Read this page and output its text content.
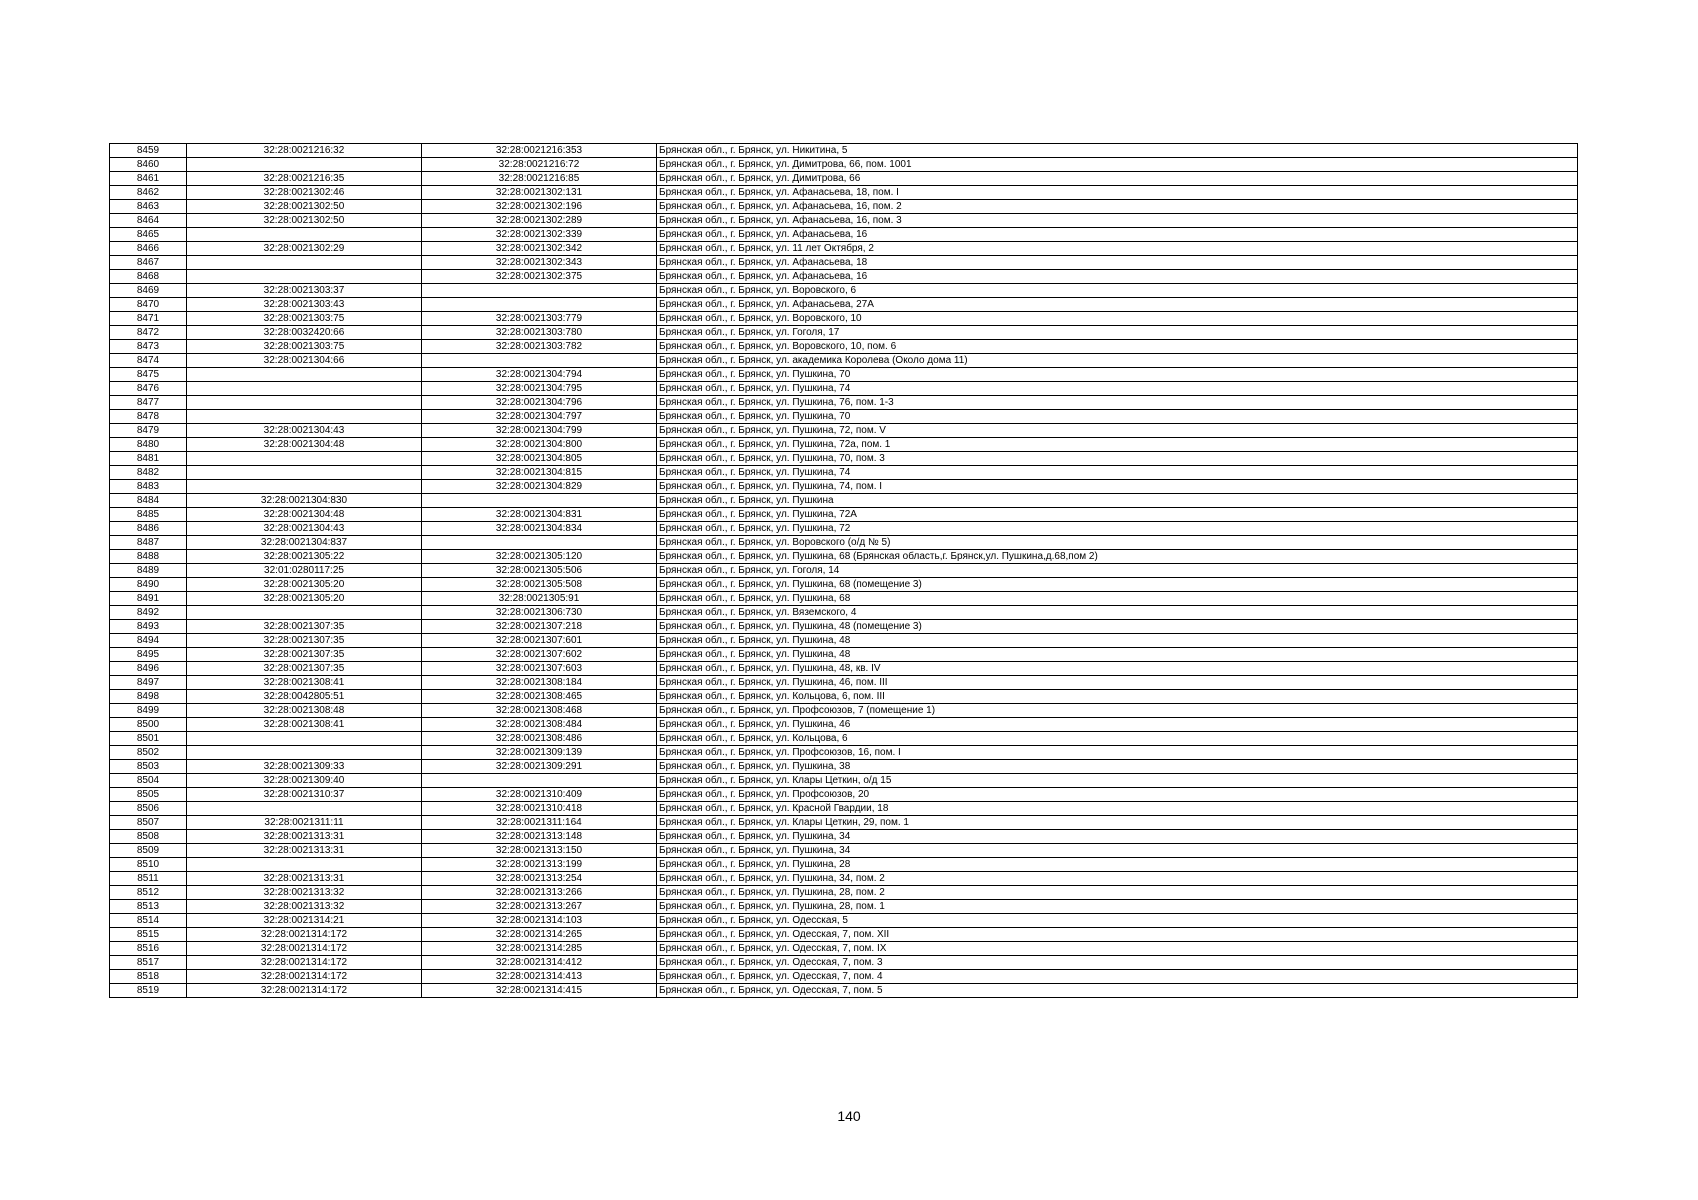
8459	32:28:0021216:32	32:28:0021216:353	Брянская обл., г. Брянск, ул. Никитина, 5
8460		32:28:0021216:72	Брянская обл., г. Брянск, ул. Димитрова, 66, пом. 1001
8461	32:28:0021216:35	32:28:0021216:85	Брянская обл., г. Брянск, ул. Димитрова, 66
8462	32:28:0021302:46	32:28:0021302:131	Брянская обл., г. Брянск, ул. Афанасьева, 18, пом. I
8463	32:28:0021302:50	32:28:0021302:196	Брянская обл., г. Брянск, ул. Афанасьева, 16, пом. 2
8464	32:28:0021302:50	32:28:0021302:289	Брянская обл., г. Брянск, ул. Афанасьева, 16, пом. 3
8465		32:28:0021302:339	Брянская обл., г. Брянск, ул. Афанасьева, 16
8466	32:28:0021302:29	32:28:0021302:342	Брянская обл., г. Брянск, ул. 11 лет Октября, 2
8467		32:28:0021302:343	Брянская обл., г. Брянск, ул. Афанасьева, 18
8468		32:28:0021302:375	Брянская обл., г. Брянск, ул. Афанасьева, 16
8469	32:28:0021303:37		Брянская обл., г. Брянск, ул. Воровского, 6
8470	32:28:0021303:43		Брянская обл., г. Брянск, ул. Афанасьева, 27А
8471	32:28:0021303:75	32:28:0021303:779	Брянская обл., г. Брянск, ул. Воровского, 10
8472	32:28:0032420:66	32:28:0021303:780	Брянская обл., г. Брянск, ул. Гоголя, 17
8473	32:28:0021303:75	32:28:0021303:782	Брянская обл., г. Брянск, ул. Воровского, 10, пом. 6
8474	32:28:0021304:66		Брянская обл., г. Брянск, ул. академика Королева (Около дома 11)
8475		32:28:0021304:794	Брянская обл., г. Брянск, ул. Пушкина, 70
8476		32:28:0021304:795	Брянская обл., г. Брянск, ул. Пушкина, 74
8477		32:28:0021304:796	Брянская обл., г. Брянск, ул. Пушкина, 76, пом. 1-3
8478		32:28:0021304:797	Брянская обл., г. Брянск, ул. Пушкина, 70
8479	32:28:0021304:43	32:28:0021304:799	Брянская обл., г. Брянск, ул. Пушкина, 72, пом. V
8480	32:28:0021304:48	32:28:0021304:800	Брянская обл., г. Брянск, ул. Пушкина, 72а, пом. 1
8481		32:28:0021304:805	Брянская обл., г. Брянск, ул. Пушкина, 70, пом. 3
8482		32:28:0021304:815	Брянская обл., г. Брянск, ул. Пушкина, 74
8483		32:28:0021304:829	Брянская обл., г. Брянск, ул. Пушкина, 74, пом. I
8484	32:28:0021304:830		Брянская обл., г. Брянск, ул. Пушкина
8485	32:28:0021304:48	32:28:0021304:831	Брянская обл., г. Брянск, ул. Пушкина, 72А
8486	32:28:0021304:43	32:28:0021304:834	Брянская обл., г. Брянск, ул. Пушкина, 72
8487	32:28:0021304:837		Брянская обл., г. Брянск, ул. Воровского (о/д № 5)
8488	32:28:0021305:22	32:28:0021305:120	Брянская обл., г. Брянск, ул. Пушкина, 68 (Брянская область,г. Брянск,ул. Пушкина,д.68,пом 2)
8489	32:01:0280117:25	32:28:0021305:506	Брянская обл., г. Брянск, ул. Гоголя, 14
8490	32:28:0021305:20	32:28:0021305:508	Брянская обл., г. Брянск, ул. Пушкина, 68 (помещение 3)
8491	32:28:0021305:20	32:28:0021305:91	Брянская обл., г. Брянск, ул. Пушкина, 68
8492		32:28:0021306:730	Брянская обл., г. Брянск, ул. Вяземского, 4
8493	32:28:0021307:35	32:28:0021307:218	Брянская обл., г. Брянск, ул. Пушкина, 48 (помещение 3)
8494	32:28:0021307:35	32:28:0021307:601	Брянская обл., г. Брянск, ул. Пушкина, 48
8495	32:28:0021307:35	32:28:0021307:602	Брянская обл., г. Брянск, ул. Пушкина, 48
8496	32:28:0021307:35	32:28:0021307:603	Брянская обл., г. Брянск, ул. Пушкина, 48, кв. IV
8497	32:28:0021308:41	32:28:0021308:184	Брянская обл., г. Брянск, ул. Пушкина, 46, пом. III
8498	32:28:0042805:51	32:28:0021308:465	Брянская обл., г. Брянск, ул. Кольцова, 6, пом. III
8499	32:28:0021308:48	32:28:0021308:468	Брянская обл., г. Брянск, ул. Профсоюзов, 7 (помещение 1)
8500	32:28:0021308:41	32:28:0021308:484	Брянская обл., г. Брянск, ул. Пушкина, 46
8501		32:28:0021308:486	Брянская обл., г. Брянск, ул. Кольцова, 6
8502		32:28:0021309:139	Брянская обл., г. Брянск, ул. Профсоюзов, 16, пом. I
8503	32:28:0021309:33	32:28:0021309:291	Брянская обл., г. Брянск, ул. Пушкина, 38
8504	32:28:0021309:40		Брянская обл., г. Брянск, ул. Клары Цеткин, о/д 15
8505	32:28:0021310:37	32:28:0021310:409	Брянская обл., г. Брянск, ул. Профсоюзов, 20
8506		32:28:0021310:418	Брянская обл., г. Брянск, ул. Красной Гвардии, 18
8507	32:28:0021311:11	32:28:0021311:164	Брянская обл., г. Брянск, ул. Клары Цеткин, 29, пом. 1
8508	32:28:0021313:31	32:28:0021313:148	Брянская обл., г. Брянск, ул. Пушкина, 34
8509	32:28:0021313:31	32:28:0021313:150	Брянская обл., г. Брянск, ул. Пушкина, 34
8510		32:28:0021313:199	Брянская обл., г. Брянск, ул. Пушкина, 28
8511	32:28:0021313:31	32:28:0021313:254	Брянская обл., г. Брянск, ул. Пушкина, 34, пом. 2
8512	32:28:0021313:32	32:28:0021313:266	Брянская обл., г. Брянск, ул. Пушкина, 28, пом. 2
8513	32:28:0021313:32	32:28:0021313:267	Брянская обл., г. Брянск, ул. Пушкина, 28, пом. 1
8514	32:28:0021314:21	32:28:0021314:103	Брянская обл., г. Брянск, ул. Одесская, 5
8515	32:28:0021314:172	32:28:0021314:265	Брянская обл., г. Брянск, ул. Одесская, 7, пом. XII
8516	32:28:0021314:172	32:28:0021314:285	Брянская обл., г. Брянск, ул. Одесская, 7, пом. IX
8517	32:28:0021314:172	32:28:0021314:412	Брянская обл., г. Брянск, ул. Одесская, 7, пом. 3
8518	32:28:0021314:172	32:28:0021314:413	Брянская обл., г. Брянск, ул. Одесская, 7, пом. 4
8519	32:28:0021314:172	32:28:0021314:415	Брянская обл., г. Брянск, ул. Одесская, 7, пом. 5
140
